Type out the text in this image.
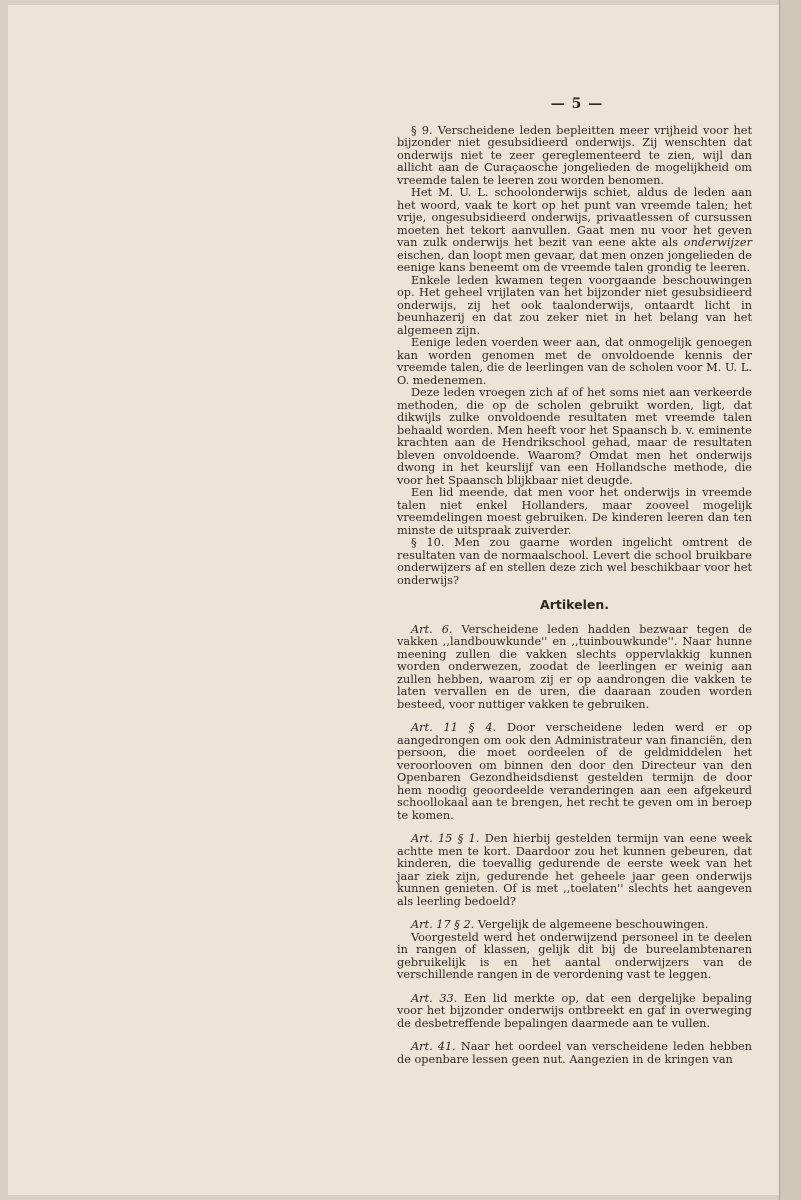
— 5 —

§ 9. Verscheidene leden bepleitten meer vrijheid voor het bijzonder niet gesubsidieerd onderwijs. Zij wenschten dat onderwijs niet te zeer gereglementeerd te zien, wijl dan allicht aan de Curaçaosche jongelieden de mogelijkheid om vreemde talen te leeren zou worden benomen.

Het M. U. L. schoolonderwijs schiet, aldus de leden aan het woord, vaak te kort op het punt van vreemde talen; het vrije, ongesubsidieerd onderwijs, privaatlessen of cursussen moeten het tekort aanvullen. Gaat men nu voor het geven van zulk onderwijs het bezit van eene akte als onderwijzer eischen, dan loopt men gevaar, dat men onzen jongelieden de eenige kans beneemt om de vreemde talen grondig te leeren.

Enkele leden kwamen tegen voorgaande beschouwingen op. Het geheel vrijlaten van het bijzonder niet gesubsidieerd onderwijs, zij het ook taalonderwijs, ontaardt licht in beunhazerij en dat zou zeker niet in het belang van het algemeen zijn.

Eenige leden voerden weer aan, dat onmogelijk genoegen kan worden genomen met de onvoldoende kennis der vreemde talen, die de leerlingen van de scholen voor M. U. L. O. medenemen.

Deze leden vroegen zich af of het soms niet aan verkeerde methoden, die op de scholen gebruikt worden, ligt, dat dikwijls zulke onvoldoende resultaten met vreemde talen behaald worden. Men heeft voor het Spaansch b. v. eminente krachten aan de Hendrikschool gehad, maar de resultaten bleven onvoldoende. Waarom? Omdat men het onderwijs dwong in het keurslijf van een Hollandsche methode, die voor het Spaansch blijkbaar niet deugde.

Een lid meende, dat men voor het onderwijs in vreemde talen niet enkel Hollanders, maar zooveel mogelijk vreemdelingen moest gebruiken. De kinderen leeren dan ten minste de uitspraak zuiverder.

§ 10. Men zou gaarne worden ingelicht omtrent de resultaten van de normaalschool. Levert die school bruikbare onderwijzers af en stellen deze zich wel beschikbaar voor het onderwijs?

Artikelen.

Art. 6. Verscheidene leden hadden bezwaar tegen de vakken ,,landbouwkunde'' en ,,tuinbouwkunde''. Naar hunne meening zullen die vakken slechts oppervlakkig kunnen worden onderwezen, zoodat de leerlingen er weinig aan zullen hebben, waarom zij er op aandrongen die vakken te laten vervallen en de uren, die daaraan zouden worden besteed, voor nuttiger vakken te gebruiken.

Art. 11 § 4. Door verscheidene leden werd er op aangedrongen om ook den Administrateur van financiën, den persoon, die moet oordeelen of de geldmiddelen het veroorlooven om binnen den door den Directeur van den Openbaren Gezondheidsdienst gestelden termijn de door hem noodig geoordeelde veranderingen aan een afgekeurd schoollokaal aan te brengen, het recht te geven om in beroep te komen.

Art. 15 § 1. Den hierbij gestelden termijn van eene week achtte men te kort. Daardoor zou het kunnen gebeuren, dat kinderen, die toevallig gedurende de eerste week van het jaar ziek zijn, gedurende het geheele jaar geen onderwijs kunnen genieten. Of is met ,,toelaten'' slechts het aangeven als leerling bedoeld?

Art. 17 § 2. Vergelijk de algemeene beschouwingen.

Voorgesteld werd het onderwijzend personeel in te deelen in rangen of klassen, gelijk dit bij de bureelambtenaren gebruikelijk is en het aantal onderwijzers van de verschillende rangen in de verordening vast te leggen.

Art. 33. Een lid merkte op, dat een dergelijke bepaling voor het bijzonder onderwijs ontbreekt en gaf in overweging de desbetreffende bepalingen daarmede aan te vullen.

Art. 41. Naar het oordeel van verscheidene leden hebben de openbare lessen geen nut. Aangezien in de kringen van
